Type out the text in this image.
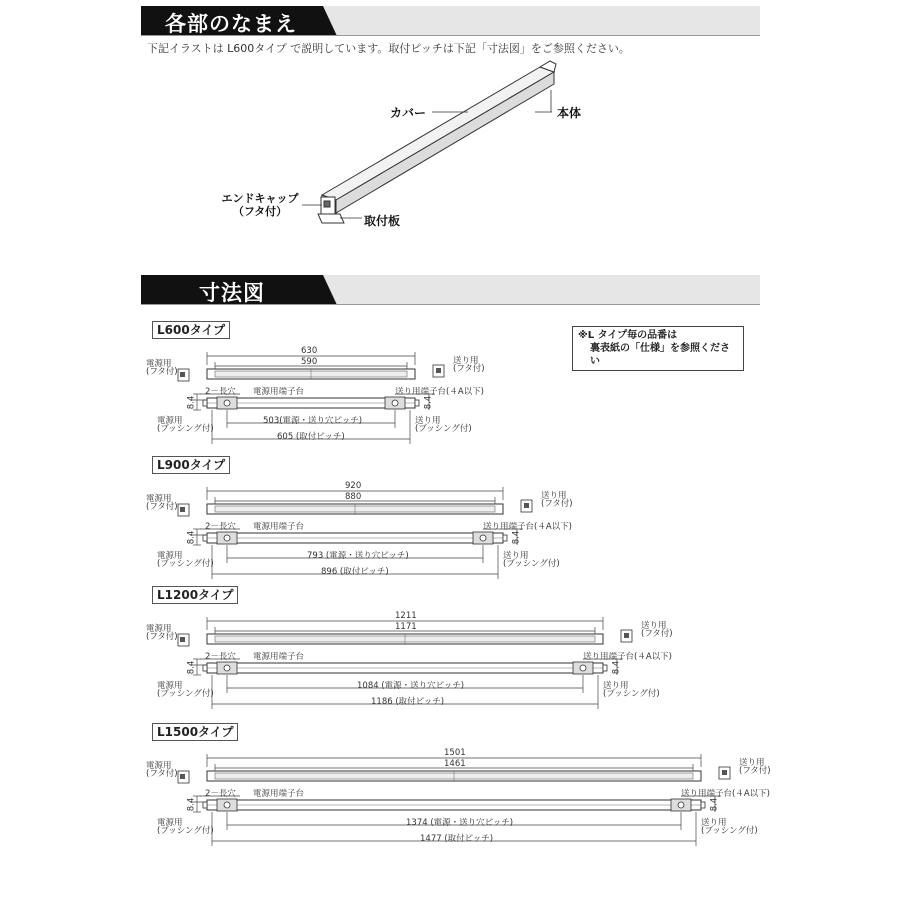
各部のなまえ
下記イラストは L600タイプ で説明しています。取付ピッチは下記「寸法図」をご参照ください。
カバー	本体
エンドキャップ
（フタ付）
取付板
寸法図
※L タイプ毎の品番は
裏表紙の「仕様」を参照ください
L600タイプ
630
590
電源用
(フタ付)
送り用
(フタ付)
2－長穴 電源用端子台	送り用端子台(４A以下)
8.4	8.4
電源用
(ブッシング付)
送り用
(ブッシング付)
503(電源・送り穴ピッチ)
605 (取付ピッチ)
L900タイプ
920
880
電源用
(フタ付)
送り用
(フタ付)
2－長穴 電源用端子台	送り用端子台(４A以下)
8.4	8.4
電源用
(ブッシング付)
送り用
(ブッシング付)
793 (電源・送り穴ピッチ)
896 (取付ピッチ)
L1200タイプ
1211
1171
電源用
(フタ付)
送り用
(フタ付)
2－長穴 電源用端子台	送り用端子台(４A以下)
8.4	8.4
電源用
(ブッシング付)
送り用
(ブッシング付)
1084 (電源・送り穴ピッチ)
1186 (取付ピッチ)
L1500タイプ
1501
1461
電源用
(フタ付)
送り用
(フタ付)
2－長穴 電源用端子台	送り用端子台(４A以下)
8.4	8.4
電源用
(ブッシング付)
送り用
(ブッシング付)
1374 (電源・送り穴ピッチ)
1477 (取付ピッチ)
